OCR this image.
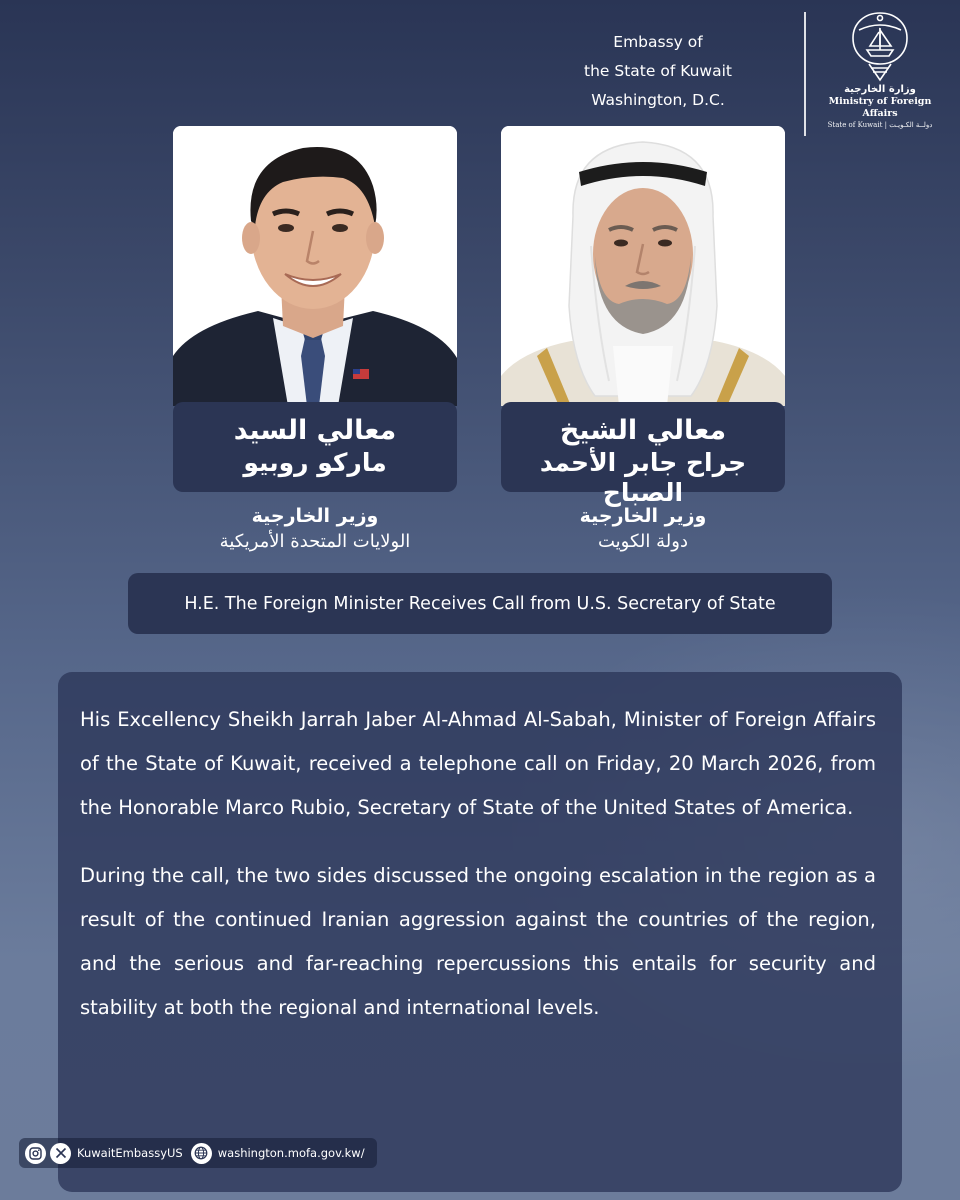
Embassy of
the State of Kuwait
Washington, D.C.
وزارة الخارجية
Ministry of Foreign Affairs
State of Kuwait | دولــة الكـويـت
معالي السيد
ماركو روبيو
وزير الخارجية
الولايات المتحدة الأمريكية
معالي الشيخ
جراح جابر الأحمد الصباح
وزير الخارجية
دولة الكويت
H.E. The Foreign Minister Receives Call from U.S. Secretary of State

His Excellency Sheikh Jarrah Jaber Al-Ahmad Al-Sabah, Minister of Foreign Affairs of the State of Kuwait, received a telephone call on Friday, 20 March 2026, from the Honorable Marco Rubio, Secretary of State of the United States of America.

During the call, the two sides discussed the ongoing escalation in the region as a result of the continued Iranian aggression against the countries of the region, and the serious and far-reaching repercussions this entails for security and stability at both the regional and international levels.

KuwaitEmbassyUS	washington.mofa.gov.kw/
